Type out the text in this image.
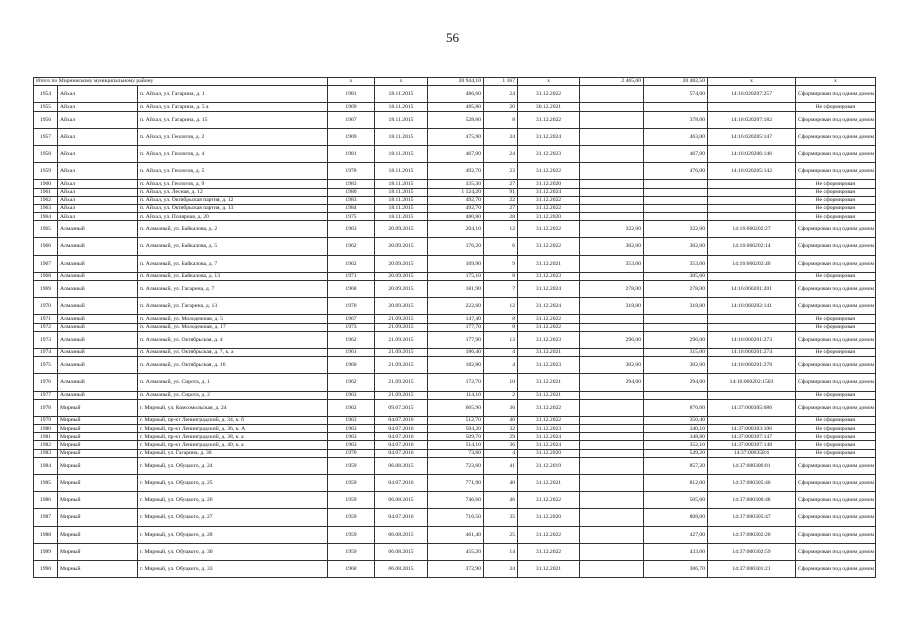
56
Итого по Мирнинскому муниципальному району			x	x	20 944,10	1 167	x	2 465,00	20 482,50	x	x
1954	Айхал	п. Айхал, ул. Гагарина, д. 1	1981	18.11.2015	486,60	24	31.12.2022		574,00	14:16:020207:257	Сформирован под одним домом
1955	Айхал	п. Айхал, ул. Гагарина, д. 5 а	1969	18.11.2015	485,80	20	30.12.2021				Не сформирован
1956	Айхал	п. Айхал, ул. Гагарина, д. 15	1967	18.11.2015	528,60	8	31.12.2022		378,00	14:16:020207:182	Сформирован под одним домом
1957	Айхал	п. Айхал, ул. Геологов, д. 2	1969	18.11.2015	475,90	34	31.12.2024		463,00	14:16:020205:147	Сформирован под одним домом
1958	Айхал	п. Айхал, ул. Геологов, д. 4	1981	18.11.2015	467,00	24	31.12.2023		467,00	14:16:020206:146	Сформирован под одним домом
1959	Айхал	п. Айхал, ул. Геологов, д. 5	1978	18.11.2015	492,70	23	31.12.2022		476,00	14:16:020205:142	Сформирован под одним домом
1960	Айхал	п. Айхал, ул. Геологов, д. 9	1983	18.11.2015	335,30	27	31.12.2020				Не сформирован
1961	Айхал	п. Айхал, ул. Лесная, д. 12	1980	18.11.2015	1 124,20	91	31.12.2024				Не сформирован
1962	Айхал	п. Айхал, ул. Октябрьская партия, д. 12	1983	18.11.2015	492,70	22	31.12.2022				Не сформирован
1963	Айхал	п. Айхал, ул. Октябрьская партия, д. 13	1984	18.11.2015	492,70	27	31.12.2022				Не сформирован
1964	Айхал	п. Айхал, ул. Полярная, д. 20	1975	18.11.2015	480,80	28	31.12.2020				Не сформирован
1965	Алмазный	п. Алмазный, ул. Байкалова, д. 2	1963	20.09.2015	204,10	12	31.12.2022	322,00	322,00	14:16:060202:27	Сформирован под одним домом
1966	Алмазный	п. Алмазный, ул. Байкалова, д. 5	1962	20.09.2015	176,20	6	31.12.2022	302,00	302,00	14:16:060202:14	Сформирован под одним домом
1967	Алмазный	п. Алмазный, ул. Байкалова, д. 7	1962	20.09.2015	169,90	9	31.12.2021	353,00	353,00	14:16:060202:40	Сформирован под одним домом
1968	Алмазный	п. Алмазный, ул. Байкалова, д. 13	1971	20.09.2015	175,10	8	31.12.2023		305,00		Не сформирован
1969	Алмазный	п. Алмазный, ул. Гагарина, д. 7	1968	20.09.2015	181,90	7	31.12.2024	278,00	278,00	14:16:060201:201	Сформирован под одним домом
1970	Алмазный	п. Алмазный, ул. Гагарина, д. 13	1970	20.09.2015	222,60	12	31.12.2024	318,00	318,00	14:16:060202:141	Сформирован под одним домом
1971	Алмазный	п. Алмазный, ул. Молодежная, д. 5	1967	21.09.2015	147,40	8	31.12.2022				Не сформирован
1972	Алмазный	п. Алмазный, ул. Молодежная, д. 17	1973	21.09.2015	177,70	8	31.12.2022				Не сформирован
1973	Алмазный	п. Алмазный, ул. Октябрьская, д. 4	1962	21.09.2015	177,90	13	31.12.2023	296,00	296,00	14:16:060201:273	Сформирован под одним домом
1974	Алмазный	п. Алмазный, ул. Октябрьская, д. 7, к. а	1961	21.09.2015	186,40	4	31.12.2021		315,00	14:16:060201:274	Не сформирован
1975	Алмазный	п. Алмазный, ул. Октябрьская, д. 16	1960	21.09.2015	182,80	4	31.12.2023	302,00	302,00	14:16:060201:278	Сформирован под одним домом
1976	Алмазный	п. Алмазный, ул. Сирота, д. 1	1962	21.09.2015	172,70	10	31.12.2021	294,00	294,00	14:16:060202:1503	Сформирован под одним домом
1977	Алмазный	п. Алмазный, ул. Сирота, д. 2	1963	21.09.2015	114,10	2	31.12.2021				Не сформирован
1978	Мирный	г. Мирный, ул. Комсомольская, д. 24	1962	09.07.2015	665,90	36	31.12.2022		876,00	14:37:000305:686	Сформирован под одним домом
1979	Мирный	г. Мирный, пр-кт Ленинградский, д. 34, к. б	1963	04.07.2016	512,70	40	31.12.2022		350,40		Не сформирован
1980	Мирный	г. Мирный, пр-кт Ленинградский, д. 36, к. А	1963	04.07.2016	504,20	32	31.12.2023		340,10	14:37:000303:106	Не сформирован
1981	Мирный	г. Мирный, пр-кт Ленинградский, д. 38, к. а	1963	04.07.2016	509,70	29	31.12.2024		348,80	14:37:000307:147	Не сформирован
1982	Мирный	г. Мирный, пр-кт Ленинградский, д. 40, к. а	1963	04.07.2016	514,10	36	31.12.2024		352,10	14:37:000307:148	Не сформирован
1983	Мирный	г. Мирный, ул. Гагарина, д. 30	1970	04.07.2016	73,60	4	31.12.2020		549,20	14:37:000358:6	Не сформирован
1984	Мирный	г. Мирный, ул. Обуцкого, д. 24	1959	06.08.2015	723,60	41	31.12.2019		857,20	14:37:000306:81	Сформирован под одним домом
1985	Мирный	г. Мирный, ул. Обуцкого, д. 25	1959	04.07.2016	771,90	40	31.12.2021		812,00	14:37:000305:46	Сформирован под одним домом
1986	Мирный	г. Мирный, ул. Обуцкого, д. 26	1959	06.08.2015	746,60	46	31.12.2022		505,00	14:37:000306:48	Сформирован под одним домом
1987	Мирный	г. Мирный, ул. Обуцкого, д. 27	1959	04.07.2016	716,50	35	31.12.2020		808,00	14:37:000305:47	Сформирован под одним домом
1988	Мирный	г. Мирный, ул. Обуцкого, д. 28	1959	06.08.2015	461,40	25	31.12.2022		427,00	14:37:000302:20	Сформирован под одним домом
1989	Мирный	г. Мирный, ул. Обуцкого, д. 30	1959	06.08.2015	455,20	14	31.12.2022		433,00	14:37:000302:59	Сформирован под одним домом
1990	Мирный	г. Мирный, ул. Обуцкого, д. 33	1960	06.08.2015	372,90	34	31.12.2021		306,70	14:37:000301:21	Сформирован под одним домом
